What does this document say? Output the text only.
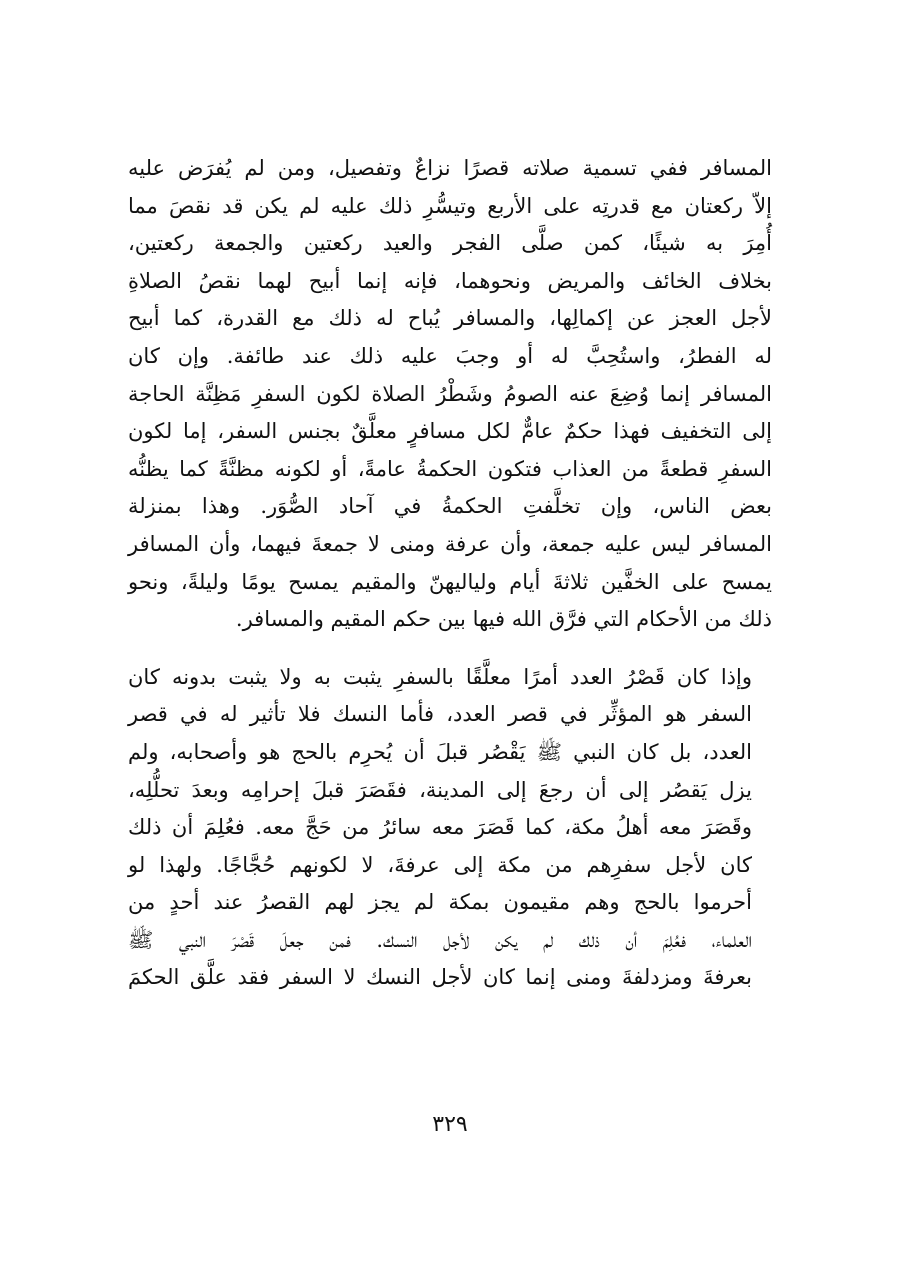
المسافر ففي تسمية صلاته قصرًا نزاعٌ وتفصيل، ومن لم يُفرَض عليه
إلاّ ركعتان مع قدرتِه على الأربع وتيسُّرِ ذلك عليه لم يكن قد نقصَ مما
أُمِرَ به شيئًا، كمن صلَّى الفجر والعيد ركعتين والجمعة ركعتين،
بخلاف الخائف والمريض ونحوهما، فإنه إنما أبيح لهما نقصُ الصلاةِ
لأجل العجز عن إكمالِها، والمسافر يُباح له ذلك مع القدرة، كما أبيح
له الفطرُ، واستُحِبَّ له أو وجبَ عليه ذلك عند طائفة. وإن كان
المسافر إنما وُضِعَ عنه الصومُ وشَطْرُ الصلاة لكون السفرِ مَظِنَّة الحاجة
إلى التخفيف فهذا حكمٌ عامٌّ لكل مسافرٍ معلَّقٌ بجنس السفر، إما لكون
السفرِ قطعةً من العذاب فتكون الحكمةُ عامةً، أو لكونه مظنَّةً كما يظنُّه
بعض الناس، وإن تخلَّفتِ الحكمةُ في آحاد الصُّوَر. وهذا بمنزلة
المسافر ليس عليه جمعة، وأن عرفة ومنى لا جمعةَ فيهما، وأن المسافر
يمسح على الخفَّين ثلاثةَ أيام ولياليهنّ والمقيم يمسح يومًا وليلةً، ونحو
ذلك من الأحكام التي فرَّق الله فيها بين حكم المقيم والمسافر.

وإذا كان قَصْرُ العدد أمرًا معلَّقًا بالسفرِ يثبت به ولا يثبت بدونه كان
السفر هو المؤثِّر في قصر العدد، فأما النسك فلا تأثير له في قصر
العدد، بل كان النبي ﷺ يَقْصُر قبلَ أن يُحرِم بالحج هو وأصحابه، ولم
يزل يَقصُر إلى أن رجعَ إلى المدينة، فقَصَرَ قبلَ إحرامِه وبعدَ تحلُّلِه،
وقَصَرَ معه أهلُ مكة، كما قَصَرَ معه سائرُ من حَجَّ معه. فعُلِمَ أن ذلك
كان لأجل سفرِهم من مكة إلى عرفةَ، لا لكونهم حُجَّاجًا. ولهذا لو
أحرموا بالحج وهم مقيمون بمكة لم يجز لهم القصرُ عند أحدٍ من
العلماء، فعُلِمَ أن ذلك لم يكن لأجل النسك. فمن جعلَ قَصْرَ النبي ﷺ
بعرفةَ ومزدلفةَ ومنى إنما كان لأجل النسك لا السفر فقد علَّق الحكمَ

٣٢٩
